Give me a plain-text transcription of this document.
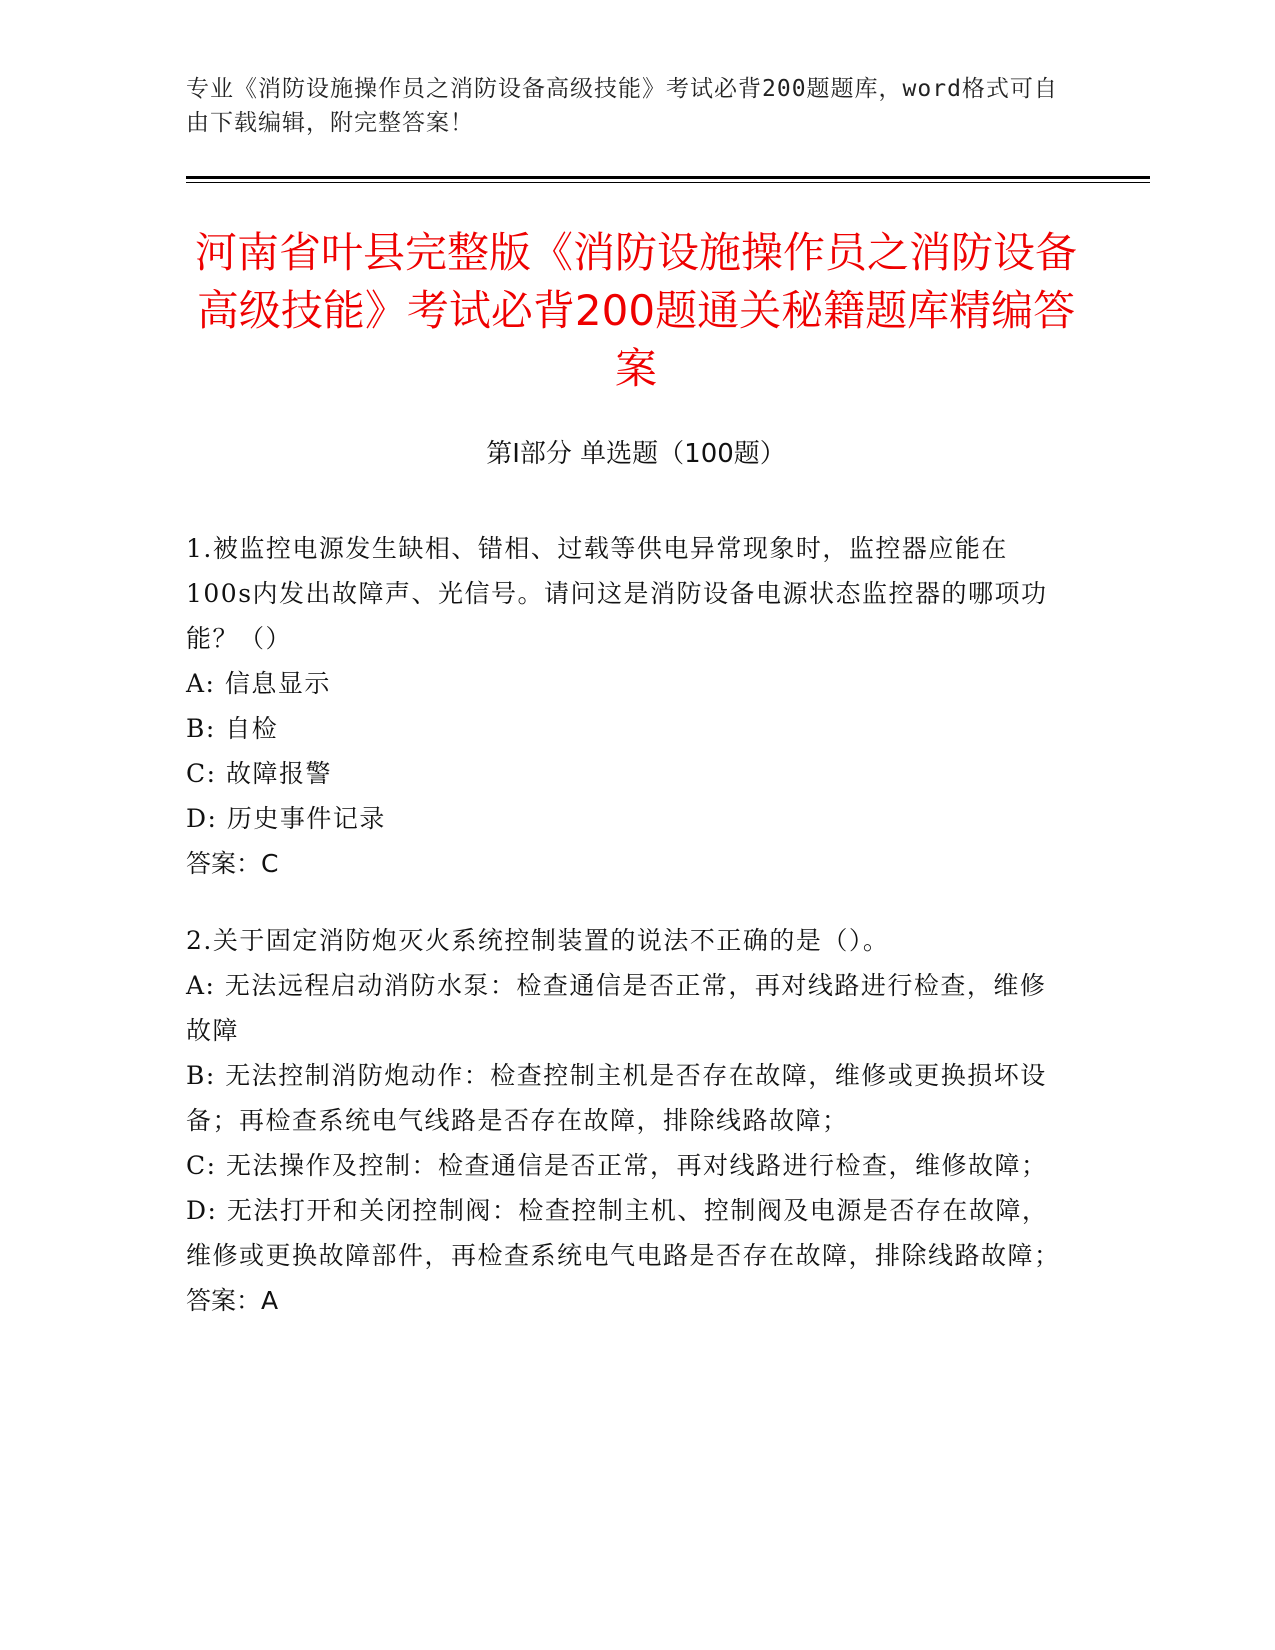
专业《消防设施操作员之消防设备高级技能》考试必背200题题库，word格式可自由下载编辑，附完整答案！
河南省叶县完整版《消防设施操作员之消防设备高级技能》考试必背200题通关秘籍题库精编答案
第I部分 单选题（100题）

1.被监控电源发生缺相、错相、过载等供电异常现象时，监控器应能在100s内发出故障声、光信号。请问这是消防设备电源状态监控器的哪项功能？（）

A: 信息显示

B: 自检

C: 故障报警

D: 历史事件记录

答案：C

2.关于固定消防炮灭火系统控制装置的说法不正确的是（）。

A: 无法远程启动消防水泵：检查通信是否正常，再对线路进行检查，维修故障

B: 无法控制消防炮动作：检查控制主机是否存在故障，维修或更换损坏设备；再检查系统电气线路是否存在故障，排除线路故障；

C: 无法操作及控制：检查通信是否正常，再对线路进行检查，维修故障；

D: 无法打开和关闭控制阀：检查控制主机、控制阀及电源是否存在故障，维修或更换故障部件，再检查系统电气电路是否存在故障，排除线路故障；

答案：A
